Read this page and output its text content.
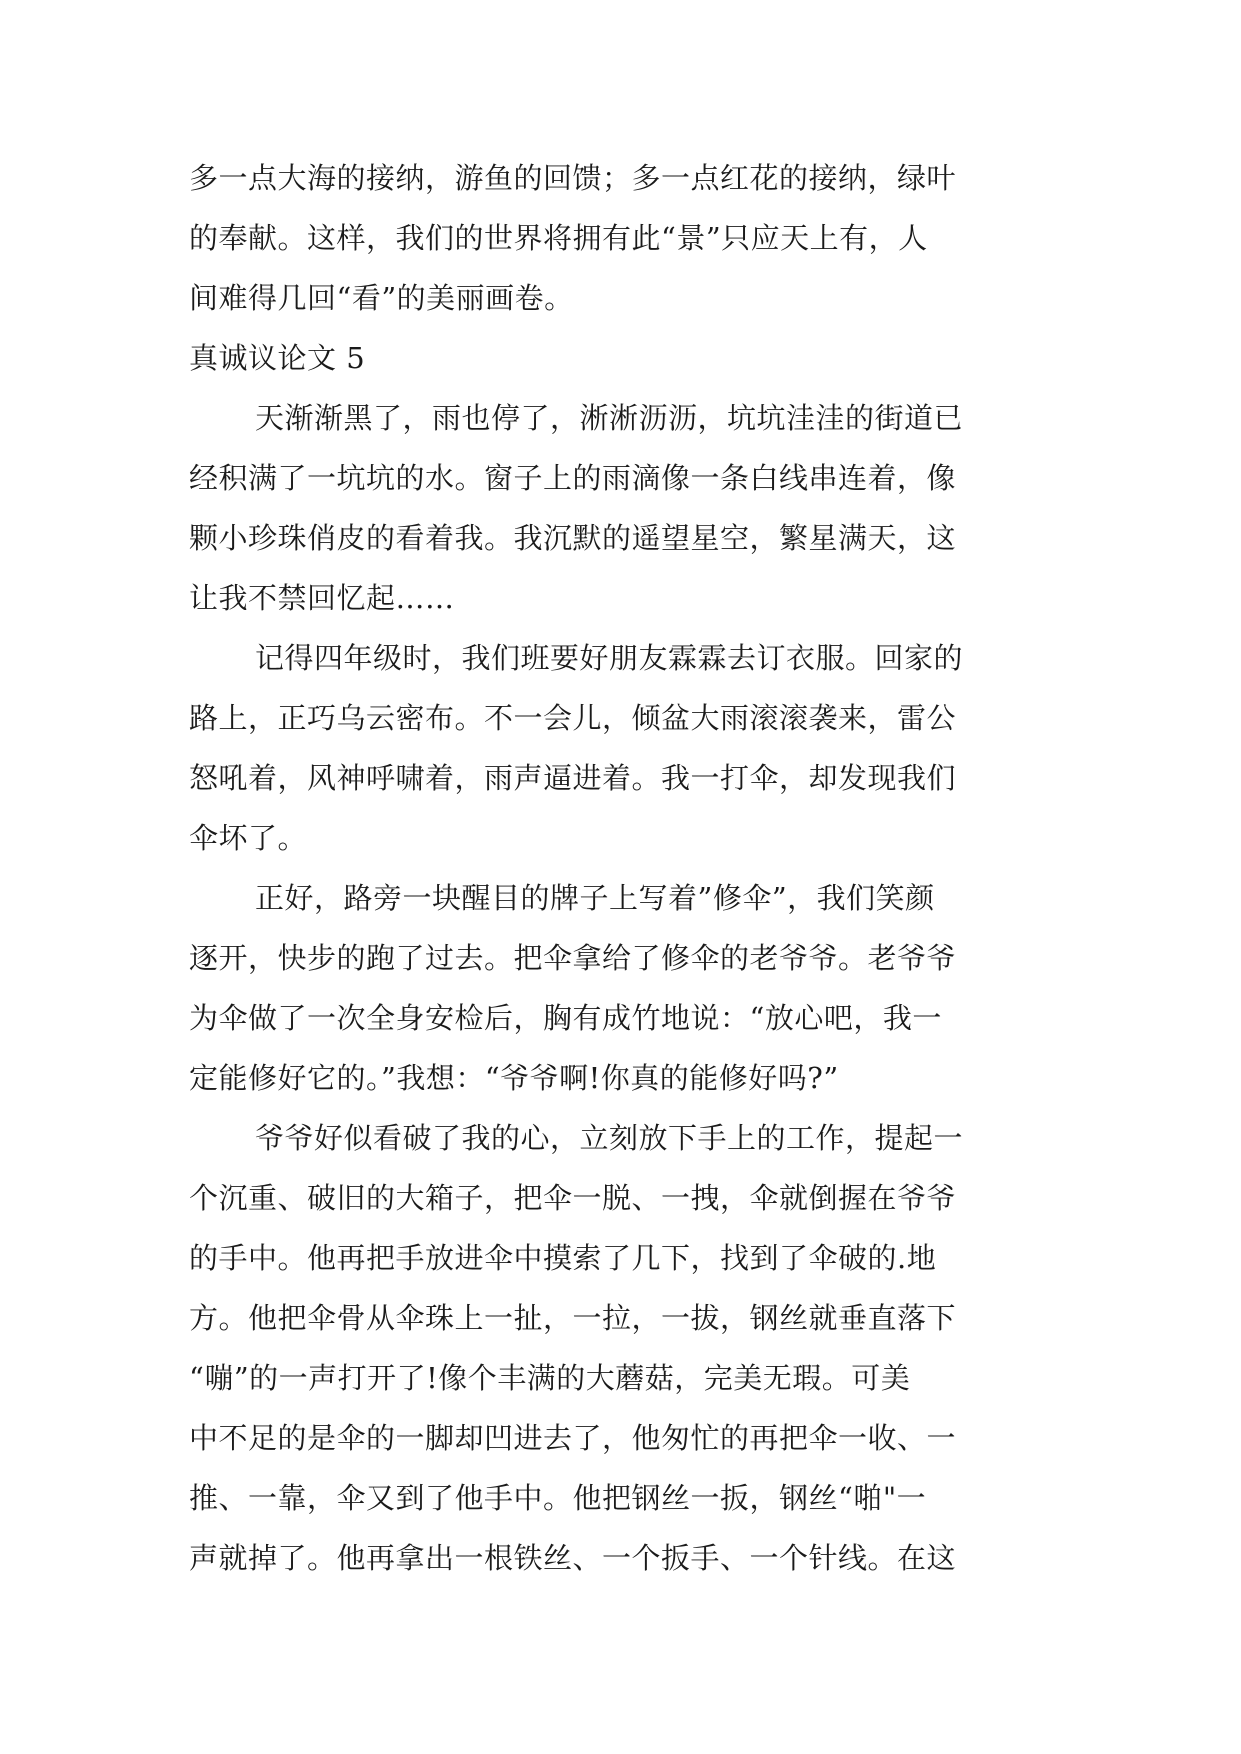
多一点大海的接纳，游鱼的回馈；多一点红花的接纳，绿叶
的奉献。这样，我们的世界将拥有此“景”只应天上有，人
间难得几回“看”的美丽画卷。
真诚议论文 5
天渐渐黑了，雨也停了，淅淅沥沥，坑坑洼洼的街道已
经积满了一坑坑的水。窗子上的雨滴像一条白线串连着，像
颗小珍珠俏皮的看着我。我沉默的遥望星空，繁星满天，这
让我不禁回忆起……
记得四年级时，我们班要好朋友霖霖去订衣服。回家的
路上，正巧乌云密布。不一会儿，倾盆大雨滚滚袭来，雷公
怒吼着，风神呼啸着，雨声逼进着。我一打伞，却发现我们
伞坏了。
正好，路旁一块醒目的牌子上写着”修伞”，我们笑颜
逐开，快步的跑了过去。把伞拿给了修伞的老爷爷。老爷爷
为伞做了一次全身安检后，胸有成竹地说：“放心吧，我一
定能修好它的。”我想：“爷爷啊!你真的能修好吗?”
爷爷好似看破了我的心，立刻放下手上的工作，提起一
个沉重、破旧的大箱子，把伞一脱、一拽，伞就倒握在爷爷
的手中。他再把手放进伞中摸索了几下，找到了伞破的.地
方。他把伞骨从伞珠上一扯，一拉，一拔，钢丝就垂直落下
“嘣”的一声打开了!像个丰满的大蘑菇，完美无瑕。可美
中不足的是伞的一脚却凹进去了，他匆忙的再把伞一收、一
推、一靠，伞又到了他手中。他把钢丝一扳，钢丝“啪"一
声就掉了。他再拿出一根铁丝、一个扳手、一个针线。在这
